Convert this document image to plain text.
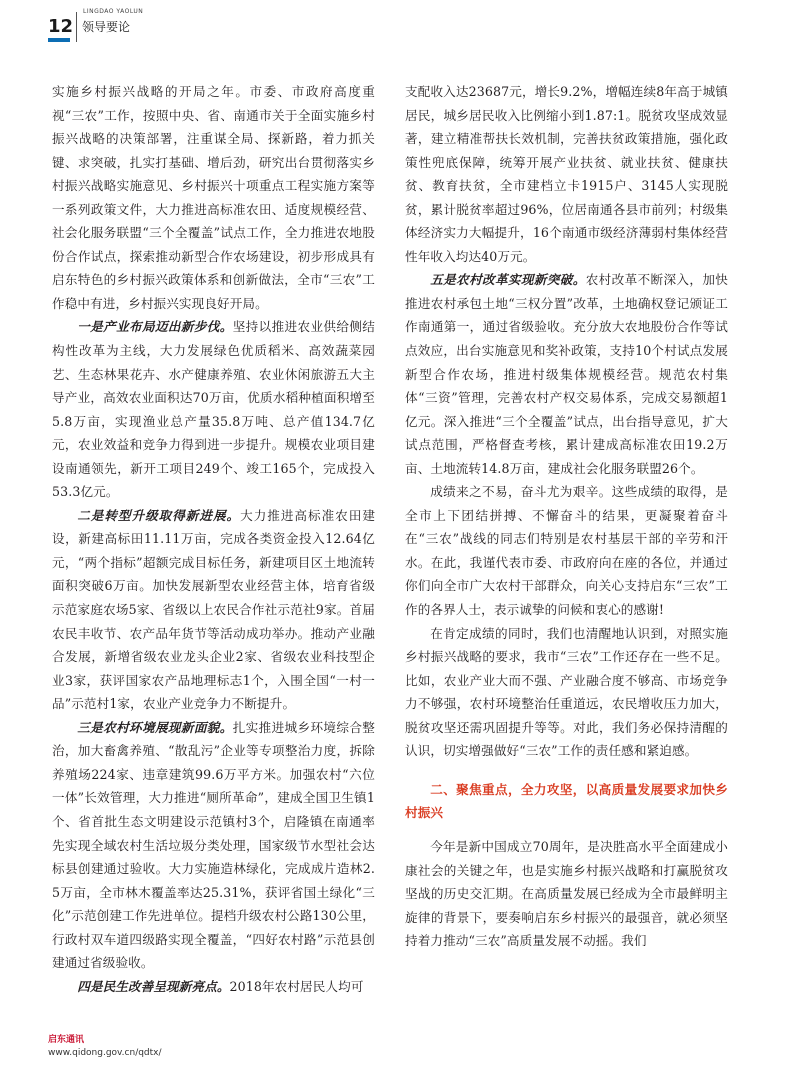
12
LINGDAO YAOLUN
领导要论

实施乡村振兴战略的开局之年。市委、市政府高度重视“三农”工作，按照中央、省、南通市关于全面实施乡村振兴战略的决策部署，注重谋全局、探新路，着力抓关键、求突破，扎实打基础、增后劲，研究出台贯彻落实乡村振兴战略实施意见、乡村振兴十项重点工程实施方案等一系列政策文件，大力推进高标准农田、适度规模经营、社会化服务联盟“三个全覆盖”试点工作，全力推进农地股份合作试点，探索推动新型合作农场建设，初步形成具有启东特色的乡村振兴政策体系和创新做法，全市“三农”工作稳中有进，乡村振兴实现良好开局。

一是产业布局迈出新步伐。坚持以推进农业供给侧结构性改革为主线，大力发展绿色优质稻米、高效蔬菜园艺、生态林果花卉、水产健康养殖、农业休闲旅游五大主导产业，高效农业面积达70万亩，优质水稻种植面积增至5.8万亩，实现渔业总产量35.8万吨、总产值134.7亿元，农业效益和竞争力得到进一步提升。规模农业项目建设南通领先，新开工项目249个、竣工165个，完成投入53.3亿元。

二是转型升级取得新进展。大力推进高标准农田建设，新建高标田11.11万亩，完成各类资金投入12.64亿元，“两个指标”超额完成目标任务，新建项目区土地流转面积突破6万亩。加快发展新型农业经营主体，培育省级示范家庭农场5家、省级以上农民合作社示范社9家。首届农民丰收节、农产品年货节等活动成功举办。推动产业融合发展，新增省级农业龙头企业2家、省级农业科技型企业3家，获评国家农产品地理标志1个，入围全国“一村一品”示范村1家，农业产业竞争力不断提升。

三是农村环境展现新面貌。扎实推进城乡环境综合整治，加大畜禽养殖、“散乱污”企业等专项整治力度，拆除养殖场224家、违章建筑99.6万平方米。加强农村“六位一体”长效管理，大力推进“厕所革命”，建成全国卫生镇1个、省首批生态文明建设示范镇村3个，启隆镇在南通率先实现全域农村生活垃圾分类处理，国家级节水型社会达标县创建通过验收。大力实施造林绿化，完成成片造林2.5万亩，全市林木覆盖率达25.31%，获评省国土绿化“三化”示范创建工作先进单位。提档升级农村公路130公里，行政村双车道四级路实现全覆盖，“四好农村路”示范县创建通过省级验收。

四是民生改善呈现新亮点。2018年农村居民人均可

支配收入达23687元，增长9.2%，增幅连续8年高于城镇居民，城乡居民收入比例缩小到1.87:1。脱贫攻坚成效显著，建立精准帮扶长效机制，完善扶贫政策措施，强化政策性兜底保障，统筹开展产业扶贫、就业扶贫、健康扶贫、教育扶贫，全市建档立卡1915户、3145人实现脱贫，累计脱贫率超过96%，位居南通各县市前列；村级集体经济实力大幅提升，16个南通市级经济薄弱村集体经营性年收入均达40万元。

五是农村改革实现新突破。农村改革不断深入，加快推进农村承包土地“三权分置”改革，土地确权登记颁证工作南通第一，通过省级验收。充分放大农地股份合作等试点效应，出台实施意见和奖补政策，支持10个村试点发展新型合作农场，推进村级集体规模经营。规范农村集体“三资”管理，完善农村产权交易体系，完成交易额超1亿元。深入推进“三个全覆盖”试点，出台指导意见，扩大试点范围，严格督查考核，累计建成高标准农田19.2万亩、土地流转14.8万亩，建成社会化服务联盟26个。

成绩来之不易，奋斗尤为艰辛。这些成绩的取得，是全市上下团结拼搏、不懈奋斗的结果，更凝聚着奋斗在“三农”战线的同志们特别是农村基层干部的辛劳和汗水。在此，我谨代表市委、市政府向在座的各位，并通过你们向全市广大农村干部群众，向关心支持启东“三农”工作的各界人士，表示诚挚的问候和衷心的感谢!

在肯定成绩的同时，我们也清醒地认识到，对照实施乡村振兴战略的要求，我市“三农”工作还存在一些不足。比如，农业产业大而不强、产业融合度不够高、市场竞争力不够强，农村环境整治任重道远，农民增收压力加大，脱贫攻坚还需巩固提升等等。对此，我们务必保持清醒的认识，切实增强做好“三农”工作的责任感和紧迫感。

二、聚焦重点，全力攻坚，以高质量发展要求加快乡村振兴

今年是新中国成立70周年，是决胜高水平全面建成小康社会的关键之年，也是实施乡村振兴战略和打赢脱贫攻坚战的历史交汇期。在高质量发展已经成为全市最鲜明主旋律的背景下，要奏响启东乡村振兴的最强音，就必须坚持着力推动“三农”高质量发展不动摇。我们

启东通讯
www.qidong.gov.cn/qdtx/
